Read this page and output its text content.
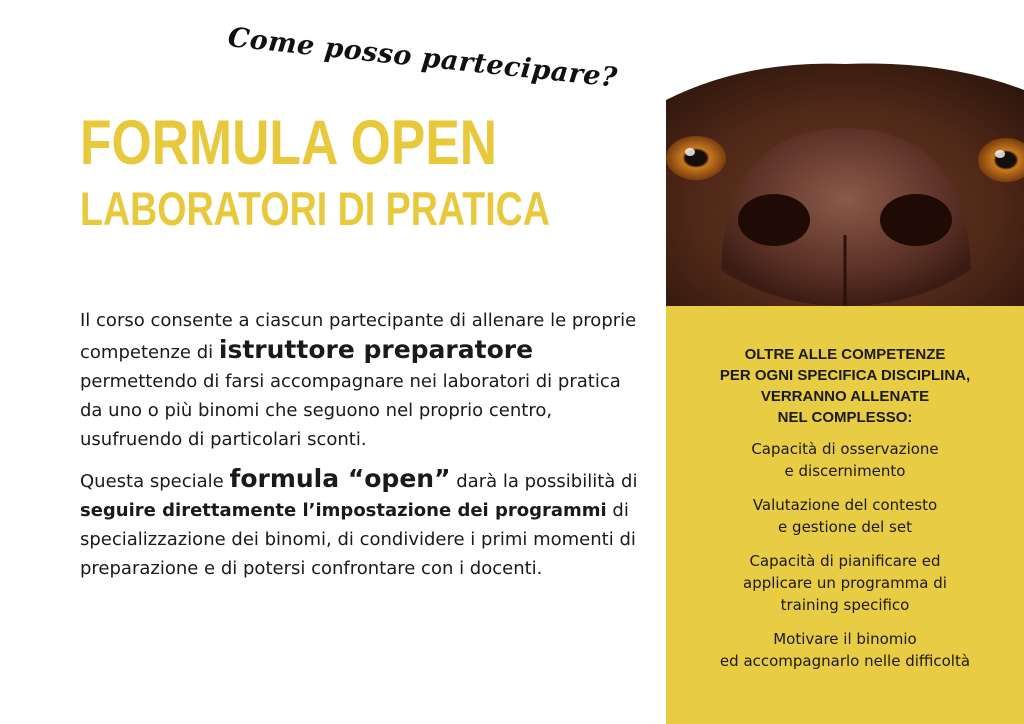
Come posso partecipare?
FORMULA OPEN
LABORATORI DI PRATICA

Il corso consente a ciascun partecipante di allenare le proprie competenze di istruttore preparatore permettendo di farsi accompagnare nei laboratori di pratica da uno o più binomi che seguono nel proprio centro, usufruendo di particolari sconti.

Questa speciale formula “open” darà la possibilità di seguire direttamente l’impostazione dei programmi di specializzazione dei binomi, di condividere i primi momenti di preparazione e di potersi confrontare con i docenti.

OLTRE ALLE COMPETENZE
PER OGNI SPECIFICA DISCIPLINA,
VERRANNO ALLENATE
NEL COMPLESSO:
Capacità di osservazione
e discernimento
Valutazione del contesto
e gestione del set
Capacità di pianificare ed
applicare un programma di
training specifico
Motivare il binomio
ed accompagnarlo nelle difficoltà
